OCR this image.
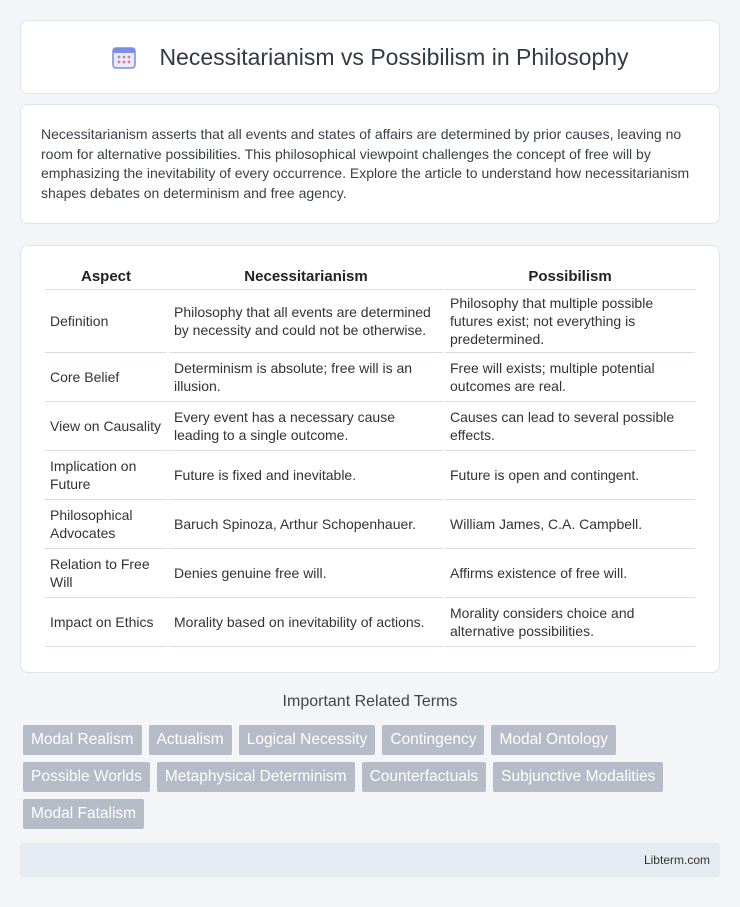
Necessitarianism vs Possibilism in Philosophy

Necessitarianism asserts that all events and states of affairs are determined by prior causes, leaving no room for alternative possibilities. This philosophical viewpoint challenges the concept of free will by emphasizing the inevitability of every occurrence. Explore the article to understand how necessitarianism shapes debates on determinism and free agency.

Aspect	Necessitarianism	Possibilism
Definition	Philosophy that all events are determined by necessity and could not be otherwise.	Philosophy that multiple possible futures exist; not everything is predetermined.
Core Belief	Determinism is absolute; free will is an illusion.	Free will exists; multiple potential outcomes are real.
View on Causality	Every event has a necessary cause leading to a single outcome.	Causes can lead to several possible effects.
Implication on Future	Future is fixed and inevitable.	Future is open and contingent.
Philosophical Advocates	Baruch Spinoza, Arthur Schopenhauer.	William James, C.A. Campbell.
Relation to Free Will	Denies genuine free will.	Affirms existence of free will.
Impact on Ethics	Morality based on inevitability of actions.	Morality considers choice and alternative possibilities.
Important Related Terms
Modal Realism	Actualism	Logical Necessity	Contingency	Modal Ontology
Possible Worlds	Metaphysical Determinism	Counterfactuals	Subjunctive Modalities
Modal Fatalism
Libterm.com
